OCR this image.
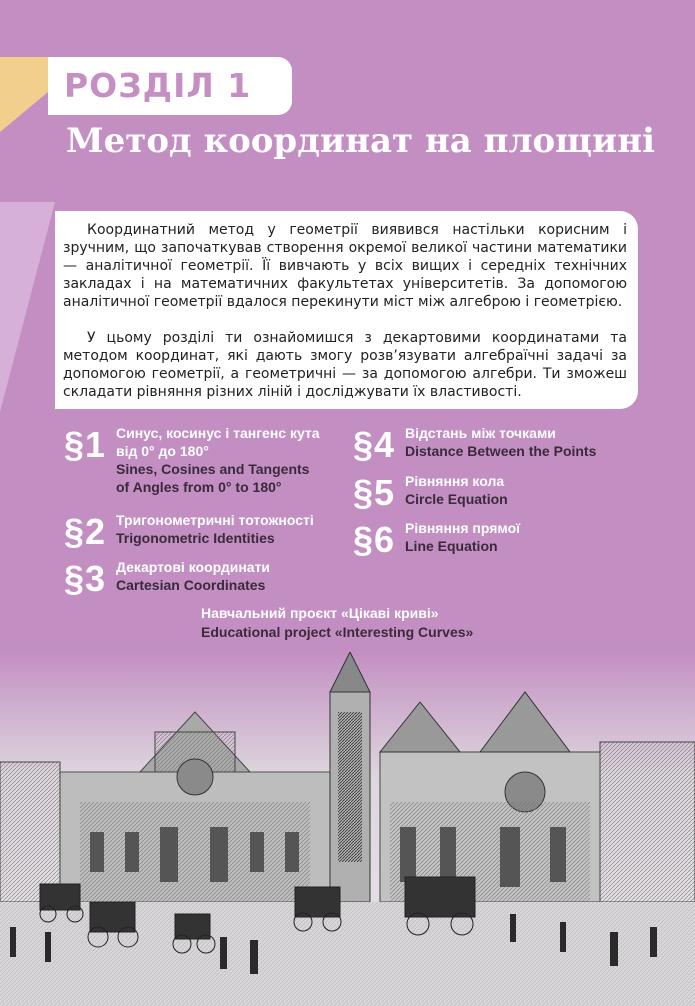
РОЗДІЛ 1
Метод координат на площині

Координатний метод у геометрії виявився настільки корисним і зручним, що започаткував створення окремої великої частини математики — аналітичної геометрії. Її вивчають у всіх вищих і середніх технічних закладах і на математичних факультетах університетів. За допомогою аналітичної геометрії вдалося перекинути міст між алгеброю і геометрією.

У цьому розділі ти ознайомишся з декартовими координатами та методом координат, які дають змогу розв’язувати алгебраїчні задачі за допомогою геометрії, а геометричні — за допомогою алгебри. Ти зможеш складати рівняння різних ліній і досліджувати їх властивості.

§1 Синус, косинус і тангенс кута
від 0° до 180°
Sines, Cosines and Tangents
of Angles from 0° to 180°
§2 Тригонометричні тотожності
Trigonometric Identities
§3 Декартові координати
Cartesian Coordinates
§4 Відстань між точками
Distance Between the Points
§5 Рівняння кола
Circle Equation
§6 Рівняння прямої
Line Equation
Навчальний проєкт «Цікаві криві»
Educational project «Interesting Curves»
